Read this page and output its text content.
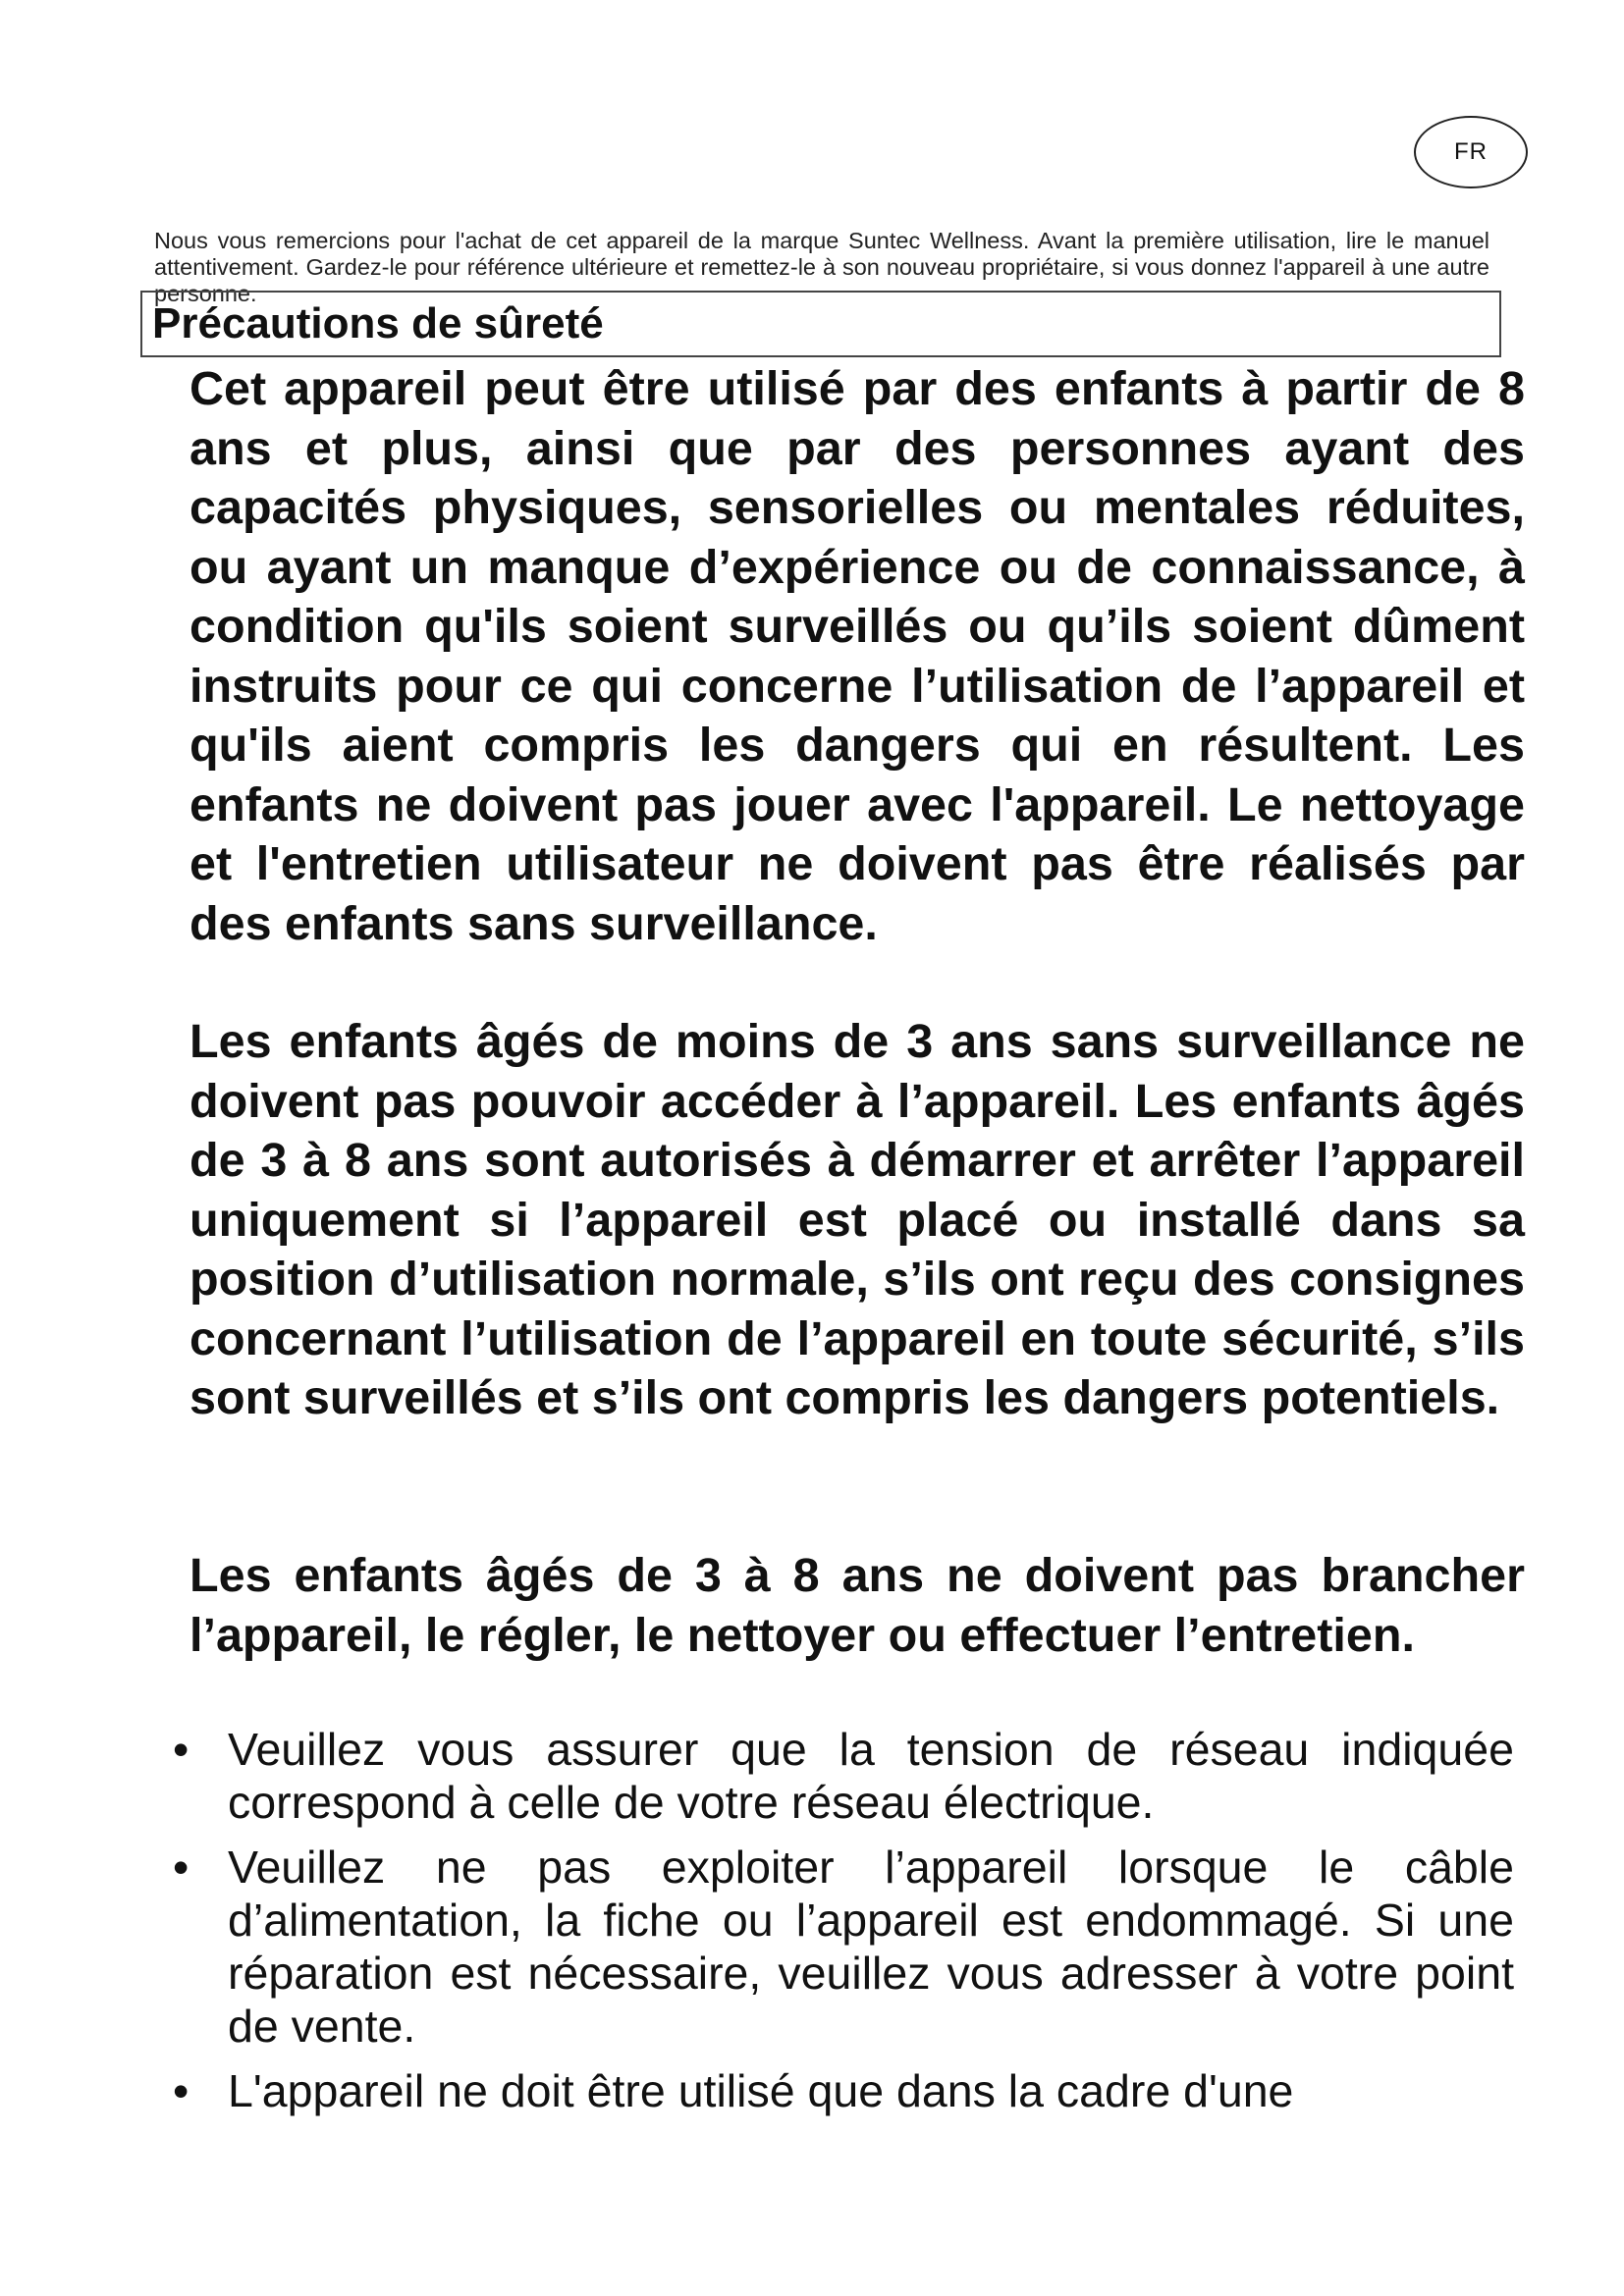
FR

Nous vous remercions pour l'achat de cet appareil de la marque Suntec Wellness. Avant la première utilisation, lire le manuel attentivement. Gardez-le pour référence ultérieure et remettez-le à son nouveau propriétaire, si vous donnez l'appareil à une autre personne.

Précautions de sûreté

Cet appareil peut être utilisé par des enfants à partir de 8 ans et plus, ainsi que par des personnes ayant des capacités physiques, sensorielles ou mentales réduites, ou ayant un manque d’expérience ou de connaissance, à condition qu'ils soient surveillés ou qu’ils soient dûment instruits pour ce qui concerne l’utilisation de l’appareil et qu'ils aient compris les dangers qui en résultent. Les enfants ne doivent pas jouer avec l'appareil. Le nettoyage et l'entretien utilisateur ne doivent pas être réalisés par des enfants sans surveillance.

Les enfants âgés de moins de 3 ans sans surveillance ne doivent pas pouvoir accéder à l’appareil. Les enfants âgés de 3 à 8 ans sont autorisés à démarrer et arrêter l’appareil uniquement si l’appareil est placé ou installé dans sa position d’utilisation normale, s’ils ont reçu des consignes concernant l’utilisation de l’appareil en toute sécurité, s’ils sont surveillés et s’ils ont compris les dangers potentiels.

Les enfants âgés de 3 à 8 ans ne doivent pas brancher l’appareil, le régler, le nettoyer ou effectuer l’entretien.

• Veuillez vous assurer que la tension de réseau indiquée correspond à celle de votre réseau électrique.
• Veuillez ne pas exploiter l’appareil lorsque le câble d’alimentation, la fiche ou l’appareil est endommagé. Si une réparation est nécessaire, veuillez vous adresser à votre point de vente.
• L'appareil ne doit être utilisé que dans la cadre d'une
